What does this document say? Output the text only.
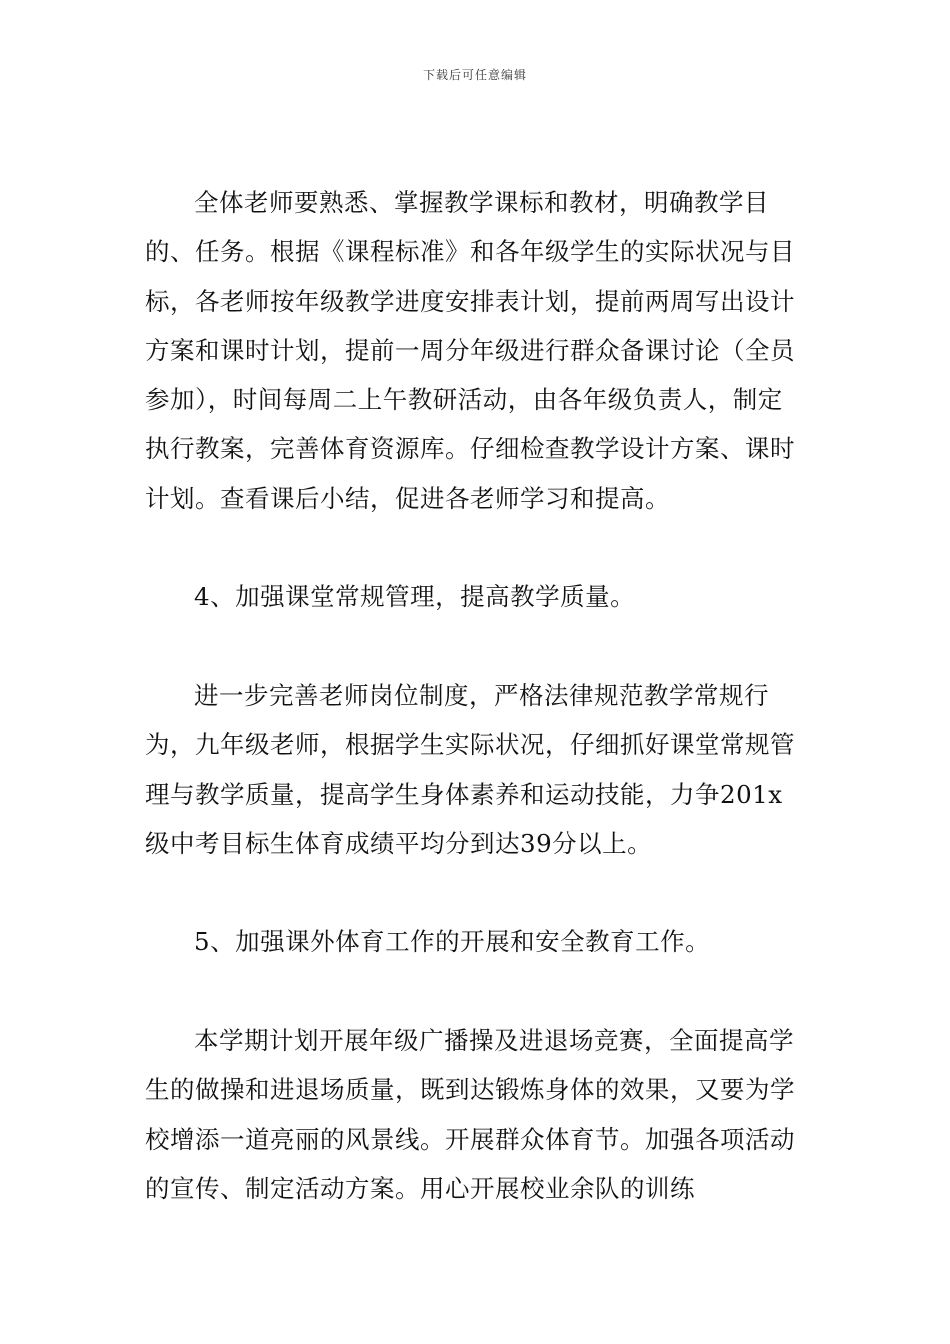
下载后可任意编辑

全体老师要熟悉、掌握教学课标和教材，明确教学目的、任务。根据《课程标准》和各年级学生的实际状况与目标，各老师按年级教学进度安排表计划，提前两周写出设计方案和课时计划，提前一周分年级进行群众备课讨论（全员参加），时间每周二上午教研活动，由各年级负责人，制定执行教案，完善体育资源库。仔细检查教学设计方案、课时计划。查看课后小结，促进各老师学习和提高。

4、加强课堂常规管理，提高教学质量。

进一步完善老师岗位制度，严格法律规范教学常规行为，九年级老师，根据学生实际状况，仔细抓好课堂常规管理与教学质量，提高学生身体素养和运动技能，力争201x级中考目标生体育成绩平均分到达39分以上。

5、加强课外体育工作的开展和安全教育工作。

本学期计划开展年级广播操及进退场竞赛，全面提高学生的做操和进退场质量，既到达锻炼身体的效果，又要为学校增添一道亮丽的风景线。开展群众体育节。加强各项活动的宣传、制定活动方案。用心开展校业余队的训练
